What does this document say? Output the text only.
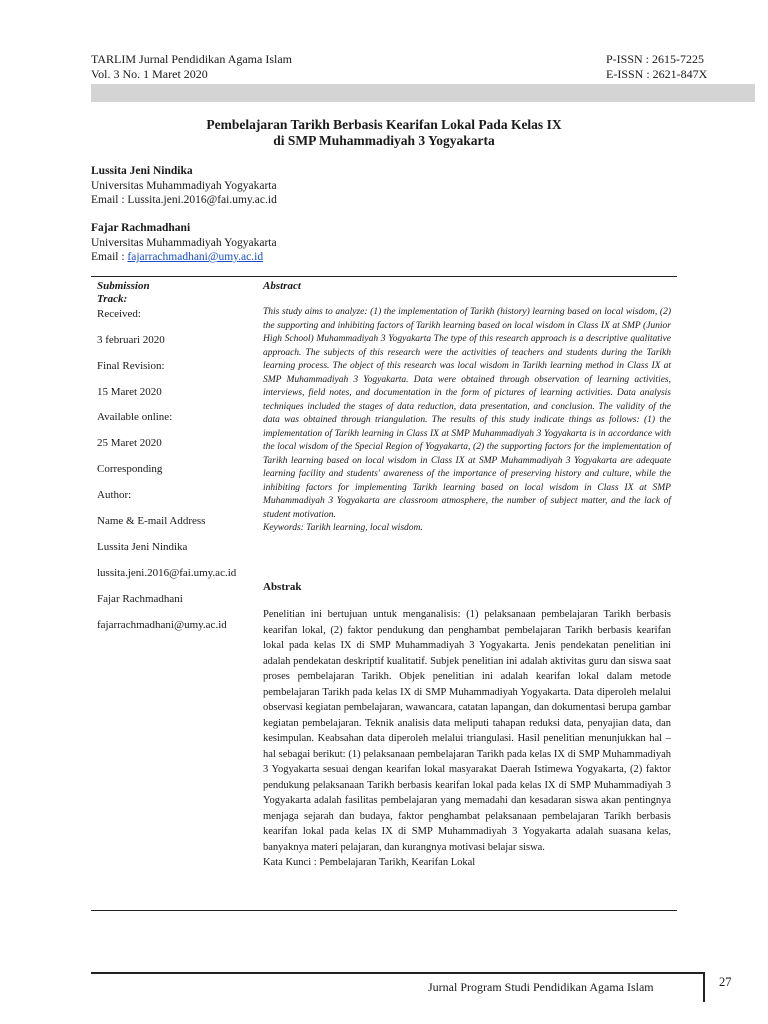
TARLIM Jurnal Pendidikan Agama Islam
Vol. 3 No. 1 Maret 2020
P-ISSN : 2615-7225
E-ISSN : 2621-847X
Pembelajaran Tarikh Berbasis Kearifan Lokal Pada Kelas IX
di SMP Muhammadiyah 3 Yogyakarta
Lussita Jeni Nindika
Universitas Muhammadiyah Yogyakarta
Email : Lussita.jeni.2016@fai.umy.ac.id
Fajar Rachmadhani
Universitas Muhammadiyah Yogyakarta
Email : fajarrachmadhani@umy.ac.id
Submission
Track:
Received:
3 februari 2020
Final Revision:
15 Maret 2020
Available online:
25 Maret 2020
Corresponding
Author:
Name & E-mail Address
Lussita Jeni Nindika
lussita.jeni.2016@fai.umy.ac.id
Fajar Rachmadhani
fajarrachmadhani@umy.ac.id
Abstract
This study aims to analyze: (1) the implementation of Tarikh (history) learning based on local wisdom, (2) the supporting and inhibiting factors of Tarikh learning based on local wisdom in Class IX at SMP (Junior High School) Muhammadiyah 3 Yogyakarta The type of this research approach is a descriptive qualitative approach. The subjects of this research were the activities of teachers and students during the Tarikh learning process. The object of this research was local wisdom in Tarikh learning method in Class IX at SMP Muhammadiyah 3 Yogyakarta. Data were obtained through observation of learning activities, interviews, field notes, and documentation in the form of pictures of learning activities. Data analysis techniques included the stages of data reduction, data presentation, and conclusion. The validity of the data was obtained through triangulation. The results of this study indicate things as follows: (1) the implementation of Tarikh learning in Class IX at SMP Muhammadiyah 3 Yogyakarta is in accordance with the local wisdom of the Special Region of Yogyakarta, (2) the supporting factors for the implementation of Tarikh learning based on local wisdom in Class IX at SMP Muhammadiyah 3 Yogyakarta are adequate learning facility and students' awareness of the importance of preserving history and culture, while the inhibiting factors for implementing Tarikh learning based on local wisdom in Class IX at SMP Muhammadiyah 3 Yogyakarta are classroom atmosphere, the number of subject matter, and the lack of student motivation.
Keywords: Tarikh learning, local wisdom.
Abstrak
Penelitian ini bertujuan untuk menganalisis: (1) pelaksanaan pembelajaran Tarikh berbasis kearifan lokal, (2) faktor pendukung dan penghambat pembelajaran Tarikh berbasis kearifan lokal pada kelas IX di SMP Muhammadiyah 3 Yogyakarta. Jenis pendekatan penelitian ini adalah pendekatan deskriptif kualitatif. Subjek penelitian ini adalah aktivitas guru dan siswa saat proses pembelajaran Tarikh. Objek penelitian ini adalah kearifan lokal dalam metode pembelajaran Tarikh pada kelas IX di SMP Muhammadiyah Yogyakarta. Data diperoleh melalui observasi kegiatan pembelajaran, wawancara, catatan lapangan, dan dokumentasi berupa gambar kegiatan pembelajaran. Teknik analisis data meliputi tahapan reduksi data, penyajian data, dan kesimpulan. Keabsahan data diperoleh melalui triangulasi. Hasil penelitian menunjukkan hal – hal sebagai berikut: (1) pelaksanaan pembelajaran Tarikh pada kelas IX di SMP Muhammadiyah 3 Yogyakarta sesuai dengan kearifan lokal masyarakat Daerah Istimewa Yogyakarta, (2) faktor pendukung pelaksanaan Tarikh berbasis kearifan lokal pada kelas IX di SMP Muhammadiyah 3 Yogyakarta adalah fasilitas pembelajaran yang memadahi dan kesadaran siswa akan pentingnya menjaga sejarah dan budaya, faktor penghambat pelaksanaan pembelajaran Tarikh berbasis kearifan lokal pada kelas IX di SMP Muhammadiyah 3 Yogyakarta adalah suasana kelas, banyaknya materi pelajaran, dan kurangnya motivasi belajar siswa.
Kata Kunci : Pembelajaran Tarikh, Kearifan Lokal
Jurnal Program Studi Pendidikan Agama Islam	27
